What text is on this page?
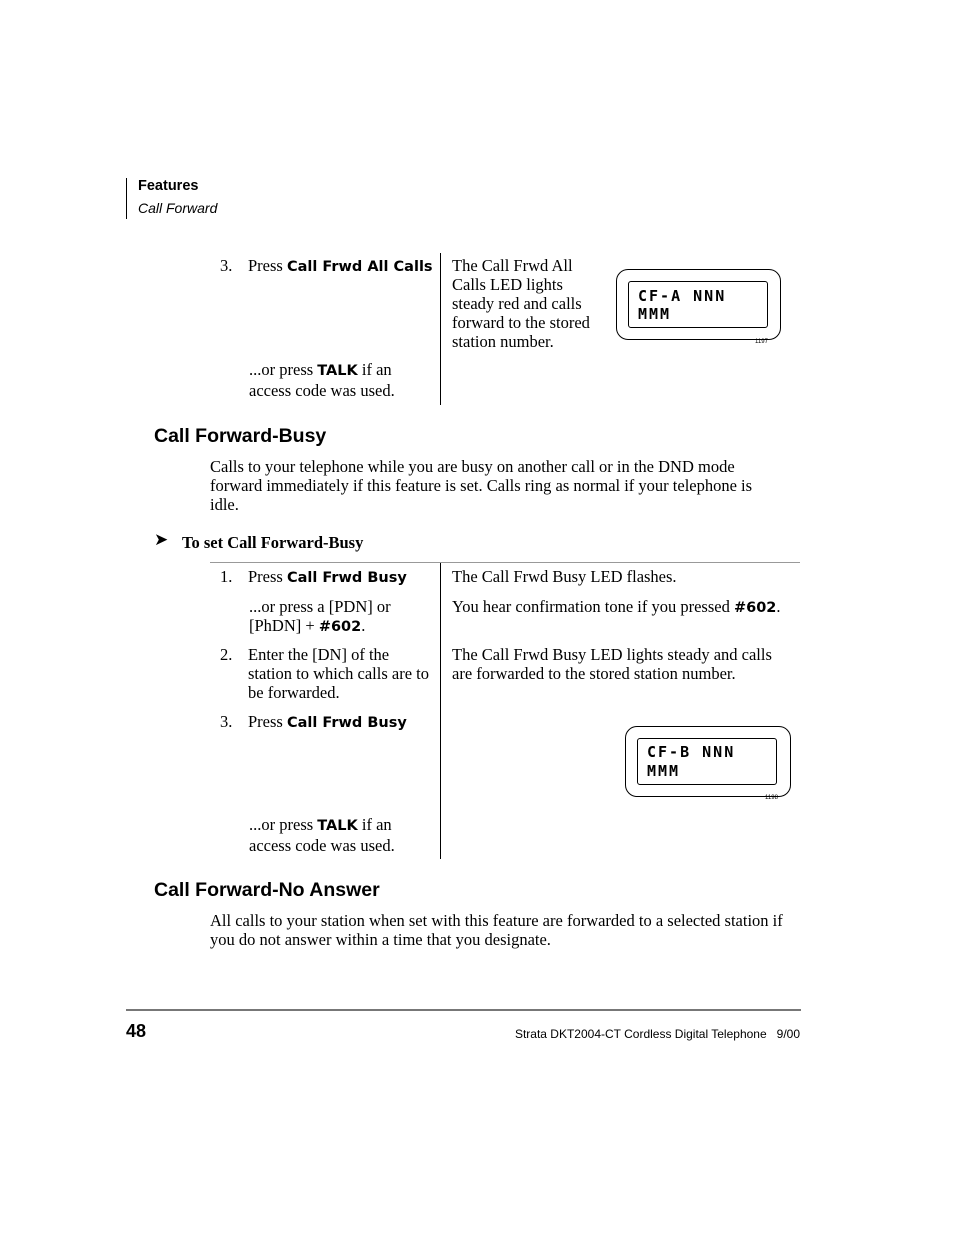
Features
Call Forward
3. Press Call Frwd All Calls
...or press TALK if an
access code was used.
The Call Frwd All
Calls LED lights
steady red and calls
forward to the stored
station number.
CF-A NNN
MMM
1197
Call Forward-Busy
Calls to your telephone while you are busy on another call or in the DND mode
forward immediately if this feature is set. Calls ring as normal if your telephone is
idle.
➤ To set Call Forward-Busy
1. Press Call Frwd Busy	The Call Frwd Busy LED flashes.
...or press a [PDN] or
[PhDN] + #602.
You hear confirmation tone if you pressed #602.
2. Enter the [DN] of the
station to which calls are to
be forwarded.
The Call Frwd Busy LED lights steady and calls
are forwarded to the stored station number.
3. Press Call Frwd Busy
CF-B NNN
MMM
1198
...or press TALK if an
access code was used.
Call Forward-No Answer
All calls to your station when set with this feature are forwarded to a selected station if
you do not answer within a time that you designate.
48	Strata DKT2004-CT Cordless Digital Telephone   9/00
